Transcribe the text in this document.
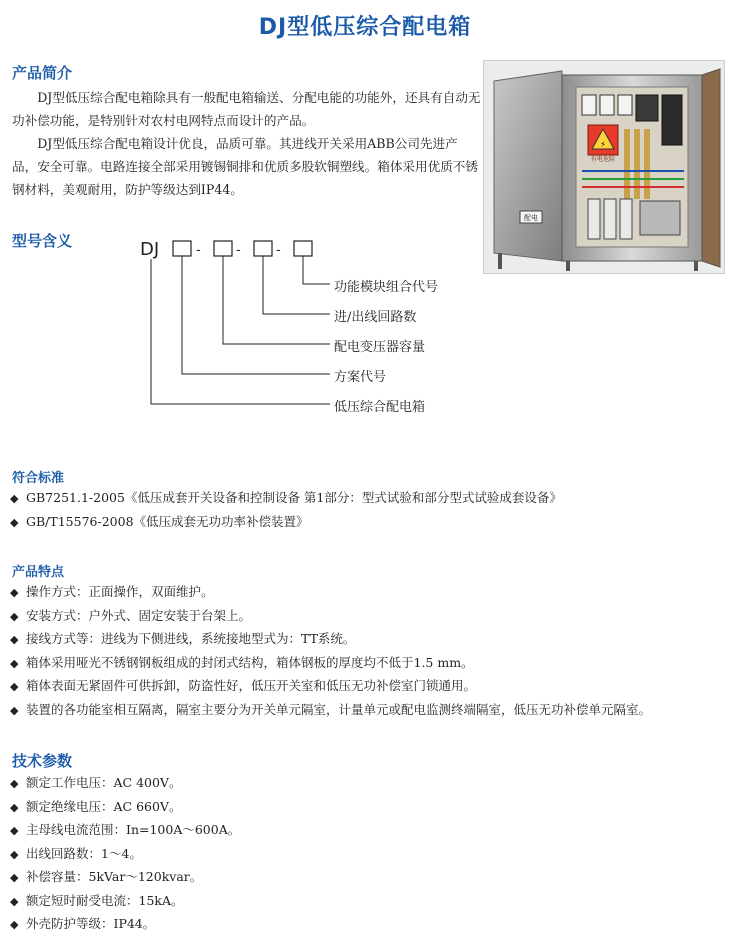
DJ型低压综合配电箱
产品简介

DJ型低压综合配电箱除具有一般配电箱输送、分配电能的功能外，还具有自动无功补偿功能，是特别针对农村电网特点而设计的产品。

DJ型低压综合配电箱设计优良，品质可靠。其进线开关采用ABB公司先进产品，安全可靠。电路连接全部采用镀锡铜排和优质多股软铜塑线。箱体采用优质不锈钢材料，美观耐用，防护等级达到IP44。

⚡
有电危险
配电
型号含义	DJ	-	-	-
功能模块组合代号
进/出线回路数
配电变压器容量
方案代号
低压综合配电箱
符合标准
◆ GB7251.1-2005《低压成套开关设备和控制设备 第1部分：型式试验和部分型式试验成套设备》
◆ GB/T15576-2008《低压成套无功功率补偿装置》
产品特点
◆ 操作方式：正面操作，双面维护。
◆ 安装方式：户外式、固定安装于台架上。
◆ 接线方式等：进线为下侧进线，系统接地型式为：TT系统。
◆ 箱体采用哑光不锈钢钢板组成的封闭式结构，箱体钢板的厚度均不低于1.5 mm。
◆ 箱体表面无紧固件可供拆卸，防盗性好，低压开关室和低压无功补偿室门锁通用。
◆ 装置的各功能室相互隔离，隔室主要分为开关单元隔室，计量单元或配电监测终端隔室，低压无功补偿单元隔室。
技术参数
◆ 额定工作电压：AC 400V。
◆ 额定绝缘电压：AC 660V。
◆ 主母线电流范围：In=100A～600A。
◆ 出线回路数：1～4。
◆ 补偿容量：5kVar～120kvar。
◆ 额定短时耐受电流：15kA。
◆ 外壳防护等级：IP44。
